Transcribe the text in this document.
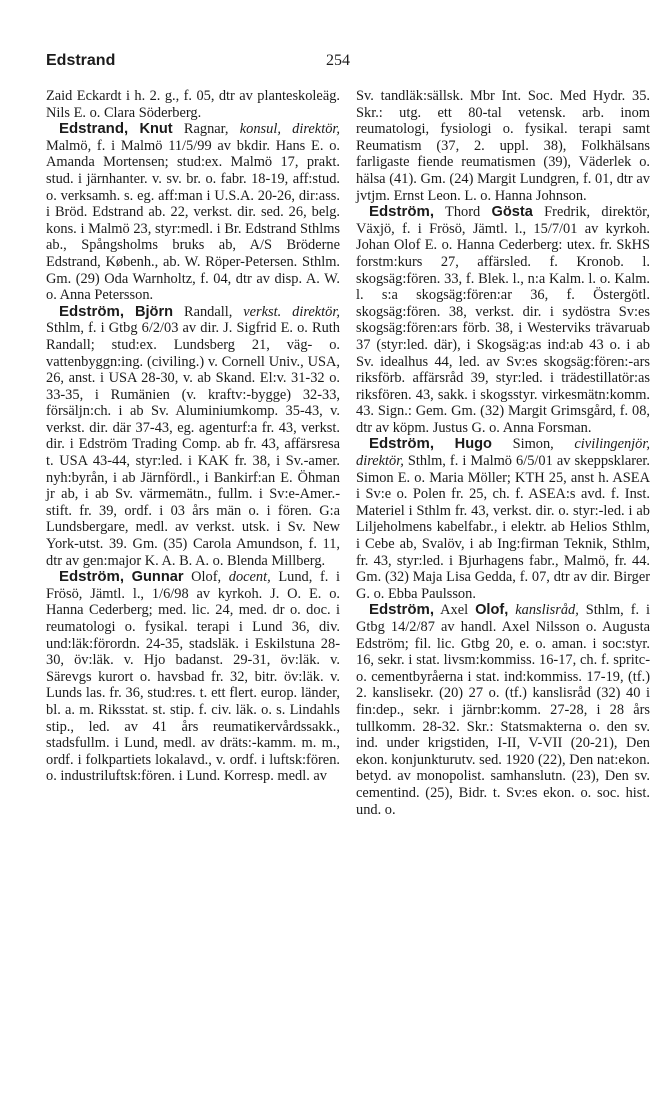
Edstrand	254

Zaid Eckardt i h. 2. g., f. 05, dtr av planteskoleäg. Nils E. o. Clara Söderberg.

Edstrand, Knut Ragnar, konsul, direktör, Malmö, f. i Malmö 11/5/99 av bkdir. Hans E. o. Amanda Mortensen; stud:ex. Malmö 17, prakt. stud. i järnhanter. v. sv. br. o. fabr. 18-19, aff:stud. o. verksamh. s. eg. aff:man i U.S.A. 20-26, dir:ass. i Bröd. Edstrand ab. 22, verkst. dir. sed. 26, belg. kons. i Malmö 23, styr:medl. i Br. Edstrand Sthlms ab., Spångsholms bruks ab, A/S Bröderne Edstrand, Københ., ab. W. Röper-Petersen. Sthlm. Gm. (29) Oda Warnholtz, f. 04, dtr av disp. A. W. o. Anna Petersson.

Edström, Björn Randall, verkst. direktör, Sthlm, f. i Gtbg 6/2/03 av dir. J. Sigfrid E. o. Ruth Randall; stud:ex. Lundsberg 21, väg- o. vattenbyggn:ing. (civiling.) v. Cornell Univ., USA, 26, anst. i USA 28-30, v. ab Skand. El:v. 31-32 o. 33-35, i Rumänien (v. kraftv:-bygge) 32-33, försäljn:ch. i ab Sv. Aluminiumkomp. 35-43, v. verkst. dir. där 37-43, eg. agenturf:a fr. 43, verkst. dir. i Edström Trading Comp. ab fr. 43, affärsresa t. USA 43-44, styr:led. i KAK fr. 38, i Sv.-amer. nyh:byrån, i ab Järnfördl., i Bankirf:an E. Öhman jr ab, i ab Sv. värmemätn., fullm. i Sv:e-Amer.-stift. fr. 39, ordf. i 03 års män o. i fören. G:a Lundsbergare, medl. av verkst. utsk. i Sv. New York-utst. 39. Gm. (35) Carola Amundson, f. 11, dtr av gen:major K. A. B. A. o. Blenda Millberg.

Edström, Gunnar Olof, docent, Lund, f. i Frösö, Jämtl. l., 1/6/98 av kyrkoh. J. O. E. o. Hanna Cederberg; med. lic. 24, med. dr o. doc. i reumatologi o. fysikal. terapi i Lund 36, div. und:läk:förordn. 24-35, stadsläk. i Eskilstuna 28-30, öv:läk. v. Hjo badanst. 29-31, öv:läk. v. Särevgs kurort o. havsbad fr. 32, bitr. öv:läk. v. Lunds las. fr. 36, stud:res. t. ett flert. europ. länder, bl. a. m. Riksstat. st. stip. f. civ. läk. o. s. Lindahls stip., led. av 41 års reumatikervårdssakk., stadsfullm. i Lund, medl. av dräts:-kamm. m. m., ordf. i folkpartiets lokalavd., v. ordf. i luftsk:fören. o. industriluftsk:fören. i Lund. Korresp. medl. av

Sv. tandläk:sällsk. Mbr Int. Soc. Med Hydr. 35. Skr.: utg. ett 80-tal vetensk. arb. inom reumatologi, fysiologi o. fysikal. terapi samt Reumatism (37, 2. uppl. 38), Folkhälsans farligaste fiende reumatismen (39), Väderlek o. hälsa (41). Gm. (24) Margit Lundgren, f. 01, dtr av jvtjm. Ernst Leon. L. o. Hanna Johnson.

Edström, Thord Gösta Fredrik, direktör, Växjö, f. i Frösö, Jämtl. l., 15/7/01 av kyrkoh. Johan Olof E. o. Hanna Cederberg: utex. fr. SkHS forstm:kurs 27, affärsled. f. Kronob. l. skogsäg:fören. 33, f. Blek. l., n:a Kalm. l. o. Kalm. l. s:a skogsäg:fören:ar 36, f. Östergötl. skogsäg:fören. 38, verkst. dir. i sydöstra Sv:es skogsäg:fören:ars förb. 38, i Westerviks trävaruab 37 (styr:led. där), i Skogsäg:as ind:ab 43 o. i ab Sv. idealhus 44, led. av Sv:es skogsäg:fören:-ars riksförb. affärsråd 39, styr:led. i trädestillatör:as riksfören. 43, sakk. i skogsstyr. virkesmätn:komm. 43. Sign.: Gem. Gm. (32) Margit Grimsgård, f. 08, dtr av köpm. Justus G. o. Anna Forsman.

Edström, Hugo Simon, civilingenjör, direktör, Sthlm, f. i Malmö 6/5/01 av skeppsklarer. Simon E. o. Maria Möller; KTH 25, anst h. ASEA i Sv:e o. Polen fr. 25, ch. f. ASEA:s avd. f. Inst. Materiel i Sthlm fr. 43, verkst. dir. o. styr:-led. i ab Liljeholmens kabelfabr., i elektr. ab Helios Sthlm, i Cebe ab, Svalöv, i ab Ing:firman Teknik, Sthlm, fr. 43, styr:led. i Bjurhagens fabr., Malmö, fr. 44. Gm. (32) Maja Lisa Gedda, f. 07, dtr av dir. Birger G. o. Ebba Paulsson.

Edström, Axel Olof, kanslisråd, Sthlm, f. i Gtbg 14/2/87 av handl. Axel Nilsson o. Augusta Edström; fil. lic. Gtbg 20, e. o. aman. i soc:styr. 16, sekr. i stat. livsm:kommiss. 16-17, ch. f. spritc-o. cementbyråerna i stat. ind:kommiss. 17-19, (tf.) 2. kanslisekr. (20) 27 o. (tf.) kanslisråd (32) 40 i fin:dep., sekr. i järnbr:komm. 27-28, i 28 års tullkomm. 28-32. Skr.: Statsmakterna o. den sv. ind. under krigstiden, I-II, V-VII (20-21), Den ekon. konjunkturutv. sed. 1920 (22), Den nat:ekon. betyd. av monopolist. samhanslutn. (23), Den sv. cementind. (25), Bidr. t. Sv:es ekon. o. soc. hist. und. o.
